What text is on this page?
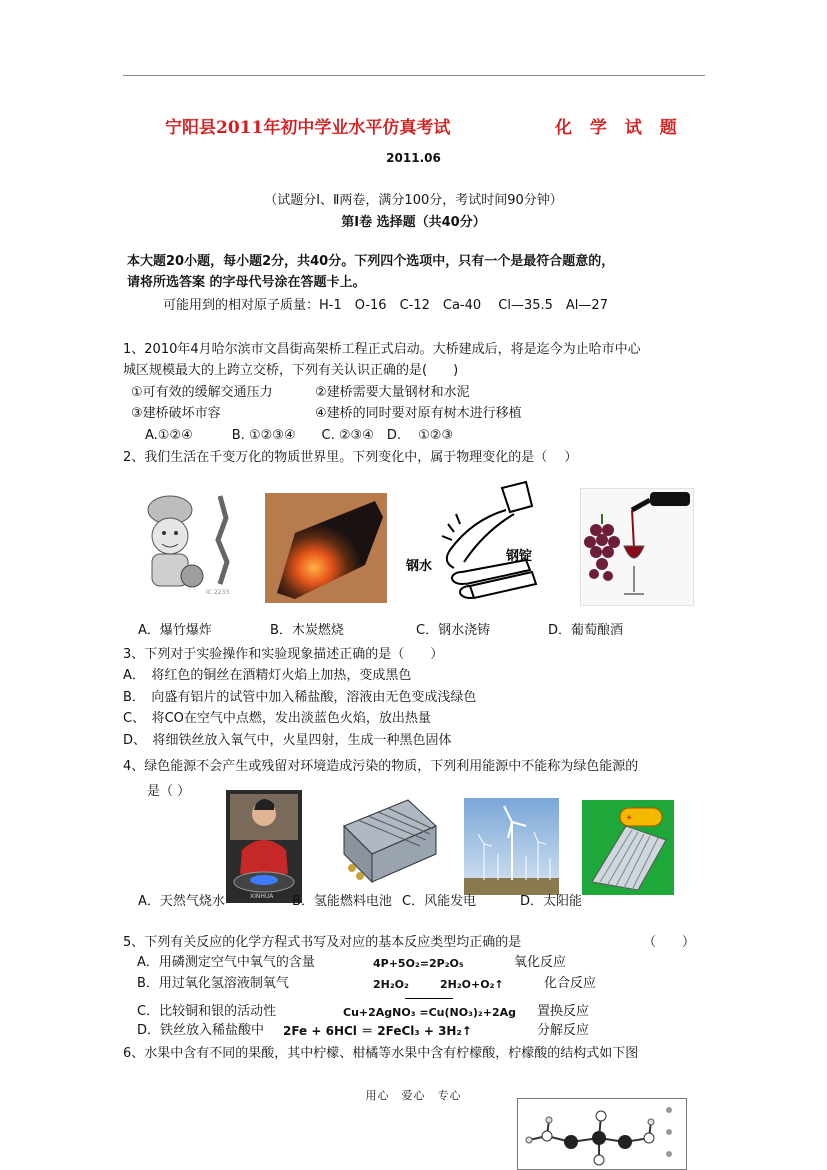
宁阳县2011年初中学业水平仿真考试	化 学 试 题
2011.06
（试题分Ⅰ、Ⅱ两卷，满分100分，考试时间90分钟）
第Ⅰ卷 选择题（共40分）
本大题20小题，每小题2分，共40分。下列四个选项中，只有一个是最符合题意的，
请将所选答案 的字母代号涂在答题卡上。
可能用到的相对原子质量：H-1　O-16　C-12　Ca-40　 Cl—35.5　Al—27
1、2010年4月哈尔滨市文昌街高架桥工程正式启动。大桥建成后，将是迄今为止哈市中心
城区规模最大的上跨立交桥，下列有关认识正确的是(　　)
①可有效的缓解交通压力	②建桥需要大量钢材和水泥
③建桥破坏市容	④建桥的同时要对原有树木进行移植
A.①②④　　　B. ①②③④　　C. ②③④　D.　 ①②③
2、我们生活在千变万化的物质世界里。下列变化中，属于物理变化的是（　 ）
IC 2233
钢水
钢锭
A．爆竹爆炸	B．木炭燃烧	C．钢水浇铸	D．葡萄酿酒
3、下列对于实验操作和实验现象描述正确的是（　　）
A．　将红色的铜丝在酒精灯火焰上加热，变成黑色
B．　向盛有铝片的试管中加入稀盐酸，溶液由无色变成浅绿色
C、　将CO在空气中点燃，发出淡蓝色火焰，放出热量
D、　将细铁丝放入氧气中，火星四射，生成一种黑色固体
4、绿色能源不会产生或残留对环境造成污染的物质，下列利用能源中不能称为绿色能源的
是（ ）
XINHUA
☀
A．天然气烧水	B．氢能燃料电池 C．风能发电	D．太阳能
5、下列有关反应的化学方程式书写及对应的基本反应类型均正确的是	（　　）
A．用磷测定空气中氧气的含量	4P+5O₂=2P₂O₅	氧化反应
B．用过氧化氢溶液制氧气	2H₂O₂	2H₂O+O₂↑	化合反应
C．比较铜和银的活动性	Cu+2AgNO₃ =Cu(NO₃)₂+2Ag 置换反应
D．铁丝放入稀盐酸中 2Fe + 6HCl ＝ 2FeCl₃ + 3H₂↑	分解反应
6、水果中含有不同的果酸，其中柠檬、柑橘等水果中含有柠檬酸，柠檬酸的结构式如下图
用心　爱心　专心
